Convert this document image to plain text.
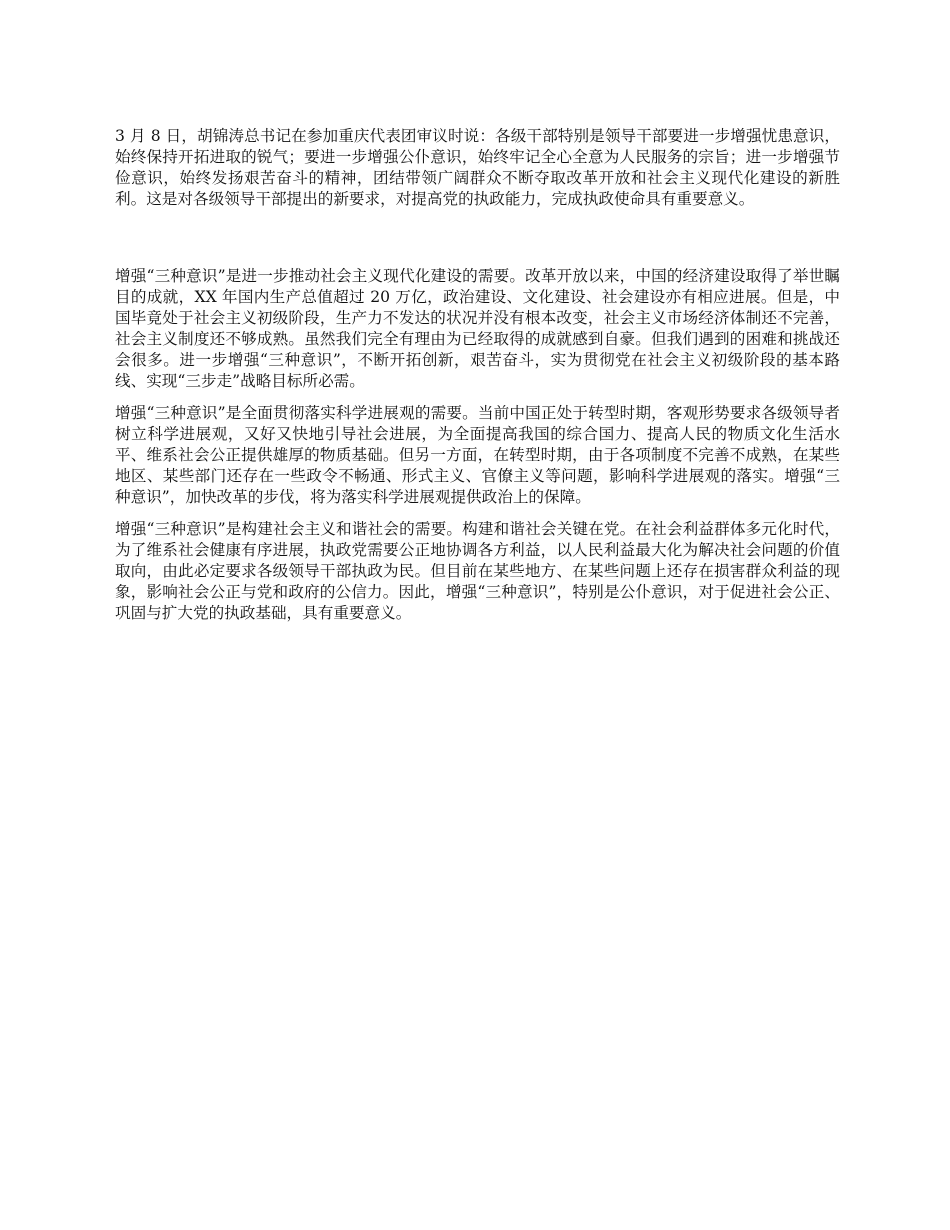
3 月 8 日，胡锦涛总书记在参加重庆代表团审议时说：各级干部特别是领导干部要进一步增强忧患意识，始终保持开拓进取的锐气；要进一步增强公仆意识，始终牢记全心全意为人民服务的宗旨；进一步增强节俭意识，始终发扬艰苦奋斗的精神，团结带领广阔群众不断夺取改革开放和社会主义现代化建设的新胜利。这是对各级领导干部提出的新要求，对提高党的执政能力，完成执政使命具有重要意义。

增强“三种意识”是进一步推动社会主义现代化建设的需要。改革开放以来，中国的经济建设取得了举世瞩目的成就，XX 年国内生产总值超过 20 万亿，政治建设、文化建设、社会建设亦有相应进展。但是，中国毕竟处于社会主义初级阶段，生产力不发达的状况并没有根本改变，社会主义市场经济体制还不完善，社会主义制度还不够成熟。虽然我们完全有理由为已经取得的成就感到自豪。但我们遇到的困难和挑战还会很多。进一步增强“三种意识”，不断开拓创新，艰苦奋斗，实为贯彻党在社会主义初级阶段的基本路线、实现“三步走”战略目标所必需。

增强“三种意识”是全面贯彻落实科学进展观的需要。当前中国正处于转型时期，客观形势要求各级领导者树立科学进展观，又好又快地引导社会进展，为全面提高我国的综合国力、提高人民的物质文化生活水平、维系社会公正提供雄厚的物质基础。但另一方面，在转型时期，由于各项制度不完善不成熟，在某些地区、某些部门还存在一些政令不畅通、形式主义、官僚主义等问题，影响科学进展观的落实。增强“三种意识”，加快改革的步伐，将为落实科学进展观提供政治上的保障。

增强“三种意识”是构建社会主义和谐社会的需要。构建和谐社会关键在党。在社会利益群体多元化时代，为了维系社会健康有序进展，执政党需要公正地协调各方利益，以人民利益最大化为解决社会问题的价值取向，由此必定要求各级领导干部执政为民。但目前在某些地方、在某些问题上还存在损害群众利益的现象，影响社会公正与党和政府的公信力。因此，增强“三种意识”，特别是公仆意识，对于促进社会公正、巩固与扩大党的执政基础，具有重要意义。
